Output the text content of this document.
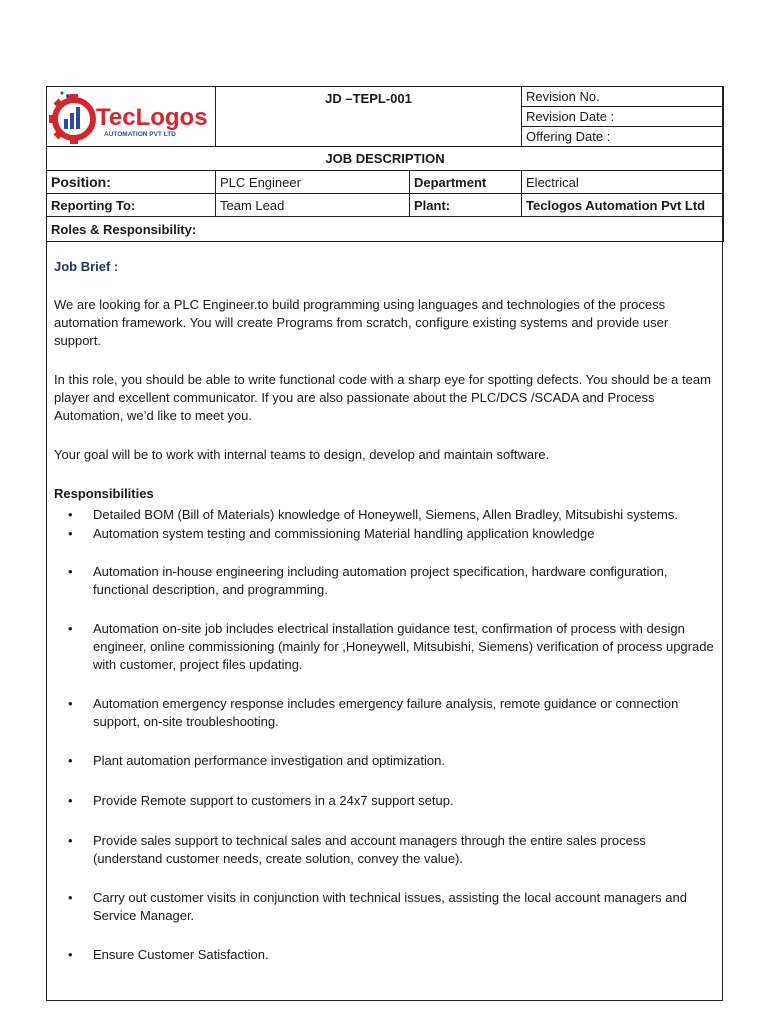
	JD –TEPL-001		Revision No.
			Revision Date :
			Offering Date :
JOB DESCRIPTION			
Position:	PLC Engineer	Department	Electrical
Reporting To:	Team Lead	Plant:	Teclogos Automation Pvt Ltd
Roles & Responsibility:			
TecLogos
AUTOMATION PVT LTD

Job Brief :

We are looking for a PLC Engineer.to build programming using languages and technologies of the process automation framework. You will create Programs from scratch, configure existing systems and provide user support.

In this role, you should be able to write functional code with a sharp eye for spotting defects. You should be a team player and excellent communicator. If you are also passionate about the PLC/DCS /SCADA and Process Automation, we’d like to meet you.

Your goal will be to work with internal teams to design, develop and maintain software.

Responsibilities

• Detailed BOM (Bill of Materials) knowledge of Honeywell, Siemens, Allen Bradley, Mitsubishi systems.
• Automation system testing and commissioning Material handling application knowledge
• Automation in-house engineering including automation project specification, hardware configuration, functional description, and programming.
• Automation on-site job includes electrical installation guidance test, confirmation of process with design engineer, online commissioning (mainly for ,Honeywell, Mitsubishi, Siemens) verification of process upgrade with customer, project files updating.
• Automation emergency response includes emergency failure analysis, remote guidance or connection support, on-site troubleshooting.
• Plant automation performance investigation and optimization.
• Provide Remote support to customers in a 24x7 support setup.
• Provide sales support to technical sales and account managers through the entire sales process (understand customer needs, create solution, convey the value).
• Carry out customer visits in conjunction with technical issues, assisting the local account managers and Service Manager.
• Ensure Customer Satisfaction.
